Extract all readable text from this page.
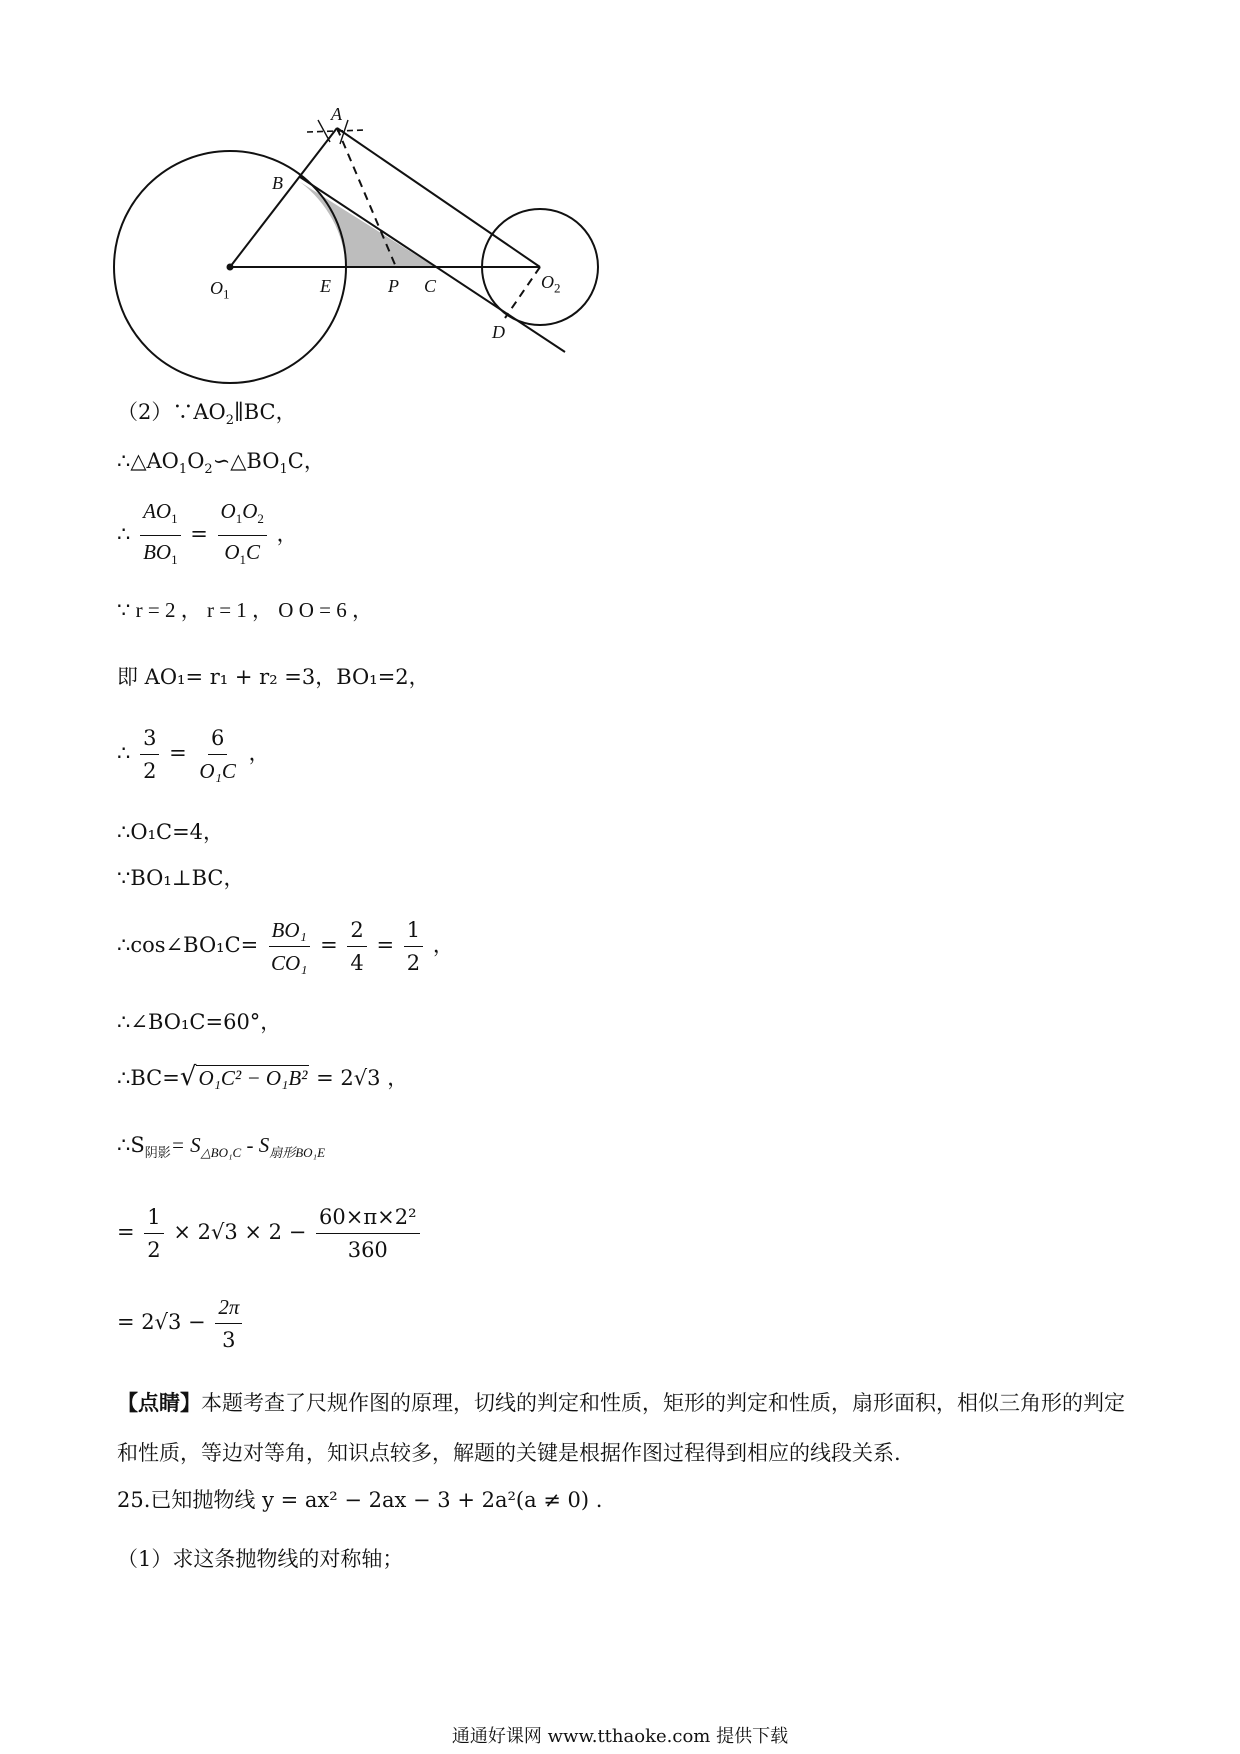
A
B
$O_1$	E	P C	$O_2$
D
$(2)\because AO_2\parallel BC$，
$\therefore\triangle AO_1O_2∽\triangle BO_1C$，
∴ $\frac{AO_1}{BO_1} = \frac{O_1O_2}{O_1C}$ ，
∵ r = 2 ， r = 1 ， O O = 6 ，
即 AO₁= r₁ + r₂ =3，BO₁=2，
∴ $\frac{3}{2} = \frac{6}{\text{O₁C}}$ ，
∴O₁C=4，
∵BO₁⊥BC，
∴cos∠BO₁C= $\frac{\text{BO₁}}{\text{CO₁}} = \frac{2}{4} = \frac{1}{2}$ ，
∴∠BO₁C=60°，
∴BC=√O₁C² − O₁B² = 2√3 ，
$\therefore S_{阴影}= S_{\triangle BO_1C} - S_{扇形BO_1E}$
= $\frac{1}{2} \times 2√3 \times 2 - \frac{\text{60×π×2²}}{360}$
= $2√3 - \frac{2\pi}{3}$
【点睛】本题考查了尺规作图的原理，切线的判定和性质，矩形的判定和性质，扇形面积，相似三角形的判定和性质，等边对等角，知识点较多，解题的关键是根据作图过程得到相应的线段关系.
25.已知抛物线 y = ax² − 2ax − 3 + 2a²(a ≠ 0) .
（1）求这条抛物线的对称轴；
通通好课网 www.tthaoke.com 提供下载
